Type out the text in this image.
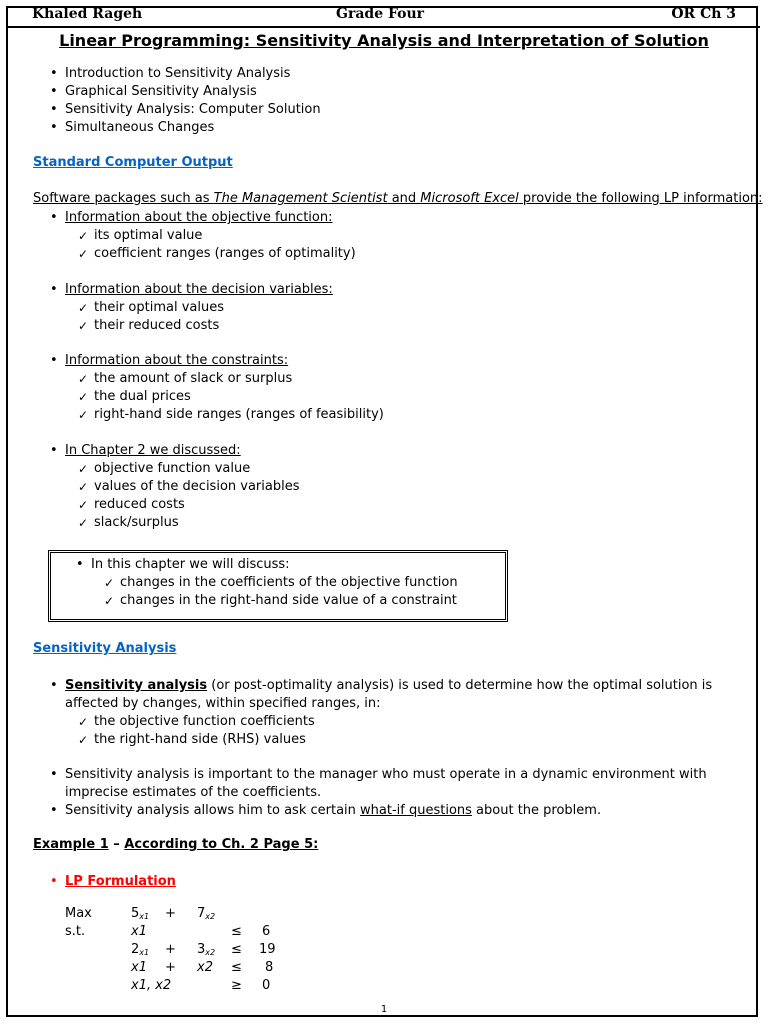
Khaled Rageh	Grade Four	OR Ch 3
Linear Programming: Sensitivity Analysis and Interpretation of Solution
• Introduction to Sensitivity Analysis
• Graphical Sensitivity Analysis
• Sensitivity Analysis: Computer Solution
• Simultaneous Changes
Standard Computer Output
Software packages such as The Management Scientist and Microsoft Excel provide the following LP information:
• Information about the objective function:
✓ its optimal value
✓ coefficient ranges (ranges of optimality)
• Information about the decision variables:
✓ their optimal values
✓ their reduced costs
• Information about the constraints:
✓ the amount of slack or surplus
✓ the dual prices
✓ right-hand side ranges (ranges of feasibility)
• In Chapter 2 we discussed:
✓ objective function value
✓ values of the decision variables
✓ reduced costs
✓ slack/surplus
• In this chapter we will discuss:
✓ changes in the coefficients of the objective function
✓ changes in the right-hand side value of a constraint
Sensitivity Analysis
• Sensitivity analysis (or post-optimality analysis) is used to determine how the optimal solution is affected by changes, within specified ranges, in:
✓ the objective function coefficients
✓ the right-hand side (RHS) values
• Sensitivity analysis is important to the manager who must operate in a dynamic environment with imprecise estimates of the coefficients.
• Sensitivity analysis allows him to ask certain what-if questions about the problem.
Example 1 – According to Ch. 2 Page 5:
• LP Formulation
Max	$5_{x1} + 7_{x2}$
s.t.	x1	≤ 6
$2_{x1} + 3_{x2} \le 19$
x1 + x2 ≤ 8
x1, x2	≥ 0
1
